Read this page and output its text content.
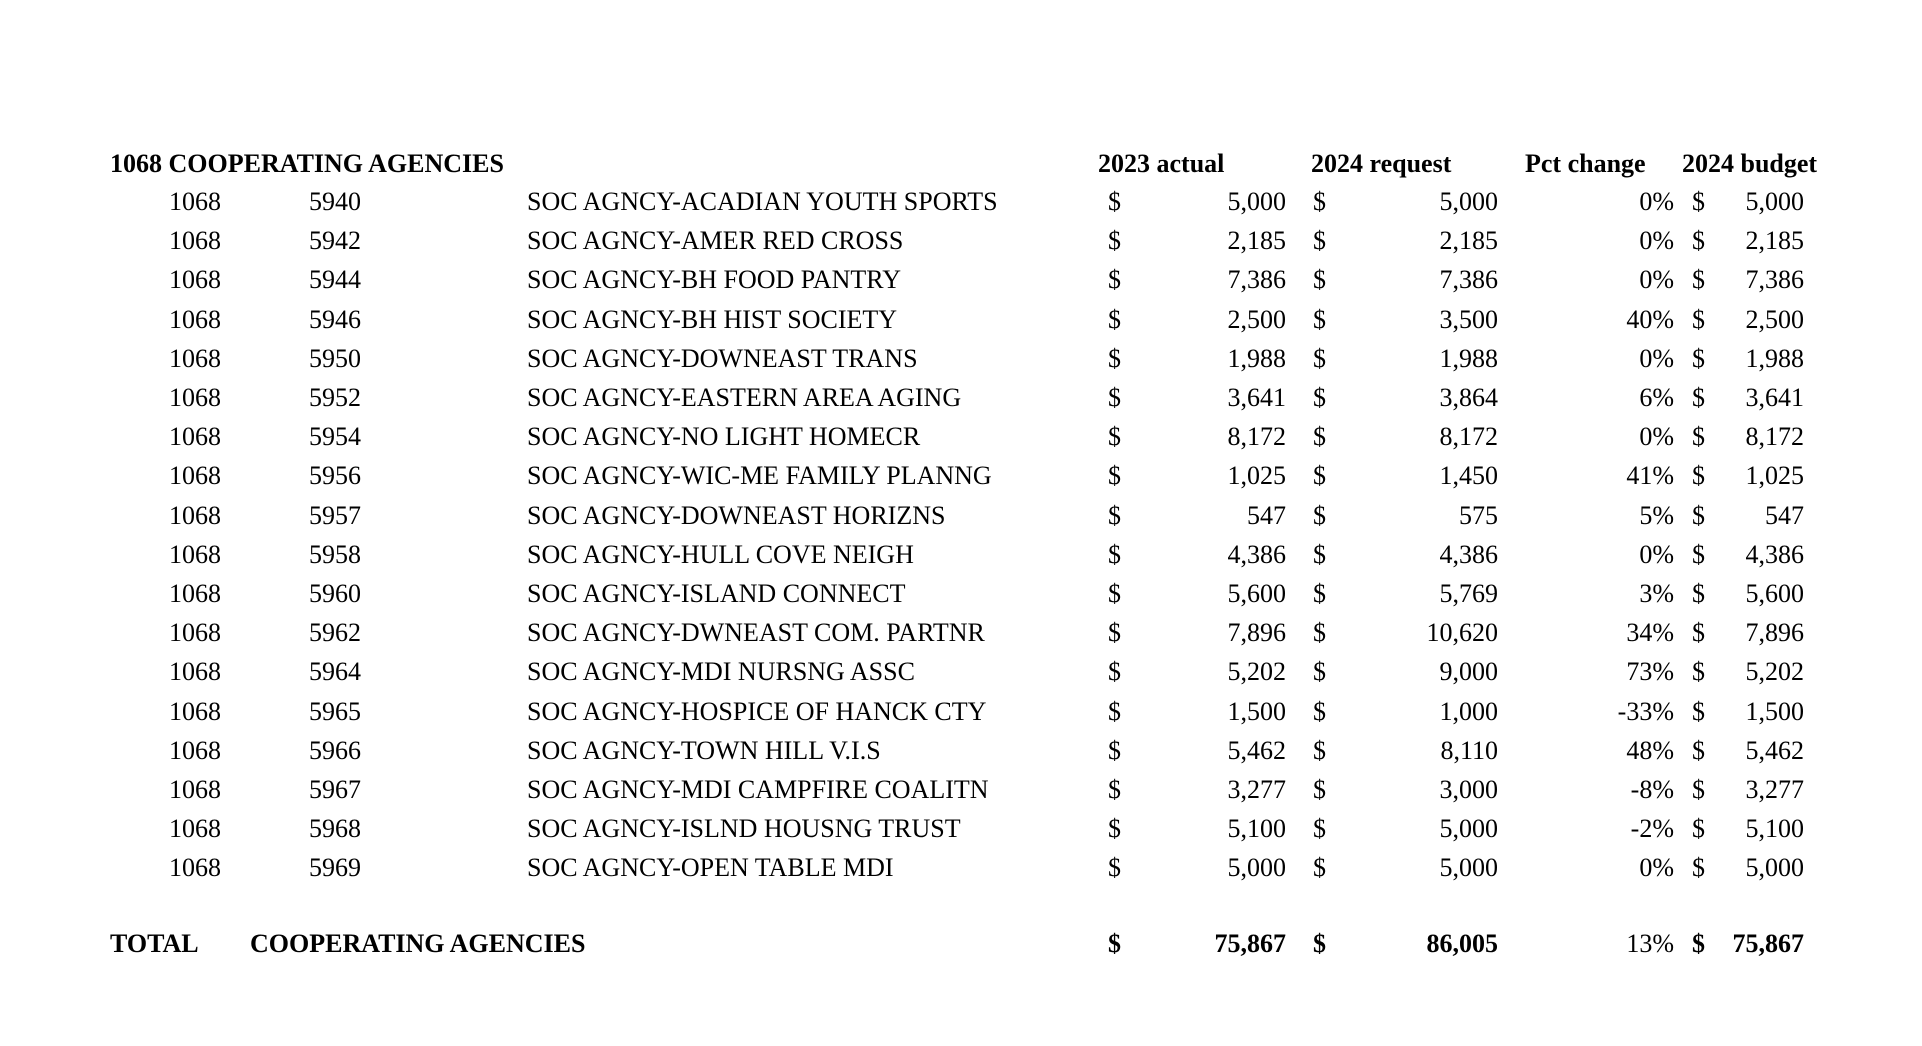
1068 COOPERATING AGENCIES	2023 actual	2024 request	Pct change 2024 budget
1068	5940	SOC AGNCY-ACADIAN YOUTH SPORTS	$	5,000 $	5,000	0% $	5,000
1068	5942	SOC AGNCY-AMER RED CROSS	$	2,185 $	2,185	0% $	2,185
1068	5944	SOC AGNCY-BH FOOD PANTRY	$	7,386 $	7,386	0% $	7,386
1068	5946	SOC AGNCY-BH HIST SOCIETY	$	2,500 $	3,500	40% $	2,500
1068	5950	SOC AGNCY-DOWNEAST TRANS	$	1,988 $	1,988	0% $	1,988
1068	5952	SOC AGNCY-EASTERN AREA AGING	$	3,641 $	3,864	6% $	3,641
1068	5954	SOC AGNCY-NO LIGHT HOMECR	$	8,172 $	8,172	0% $	8,172
1068	5956	SOC AGNCY-WIC-ME FAMILY PLANNG	$	1,025 $	1,450	41% $	1,025
1068	5957	SOC AGNCY-DOWNEAST HORIZNS	$	547 $	575	5% $	547
1068	5958	SOC AGNCY-HULL COVE NEIGH	$	4,386 $	4,386	0% $	4,386
1068	5960	SOC AGNCY-ISLAND CONNECT	$	5,600 $	5,769	3% $	5,600
1068	5962	SOC AGNCY-DWNEAST COM. PARTNR	$	7,896 $	10,620	34% $	7,896
1068	5964	SOC AGNCY-MDI NURSNG ASSC	$	5,202 $	9,000	73% $	5,202
1068	5965	SOC AGNCY-HOSPICE OF HANCK CTY	$	1,500 $	1,000	-33% $	1,500
1068	5966	SOC AGNCY-TOWN HILL V.I.S	$	5,462 $	8,110	48% $	5,462
1068	5967	SOC AGNCY-MDI CAMPFIRE COALITN	$	3,277 $	3,000	-8% $	3,277
1068	5968	SOC AGNCY-ISLND HOUSNG TRUST	$	5,100 $	5,000	-2% $	5,100
1068	5969	SOC AGNCY-OPEN TABLE MDI	$	5,000 $	5,000	0% $	5,000
TOTAL COOPERATING AGENCIES	$	75,867 $	86,005	13% $	75,867
